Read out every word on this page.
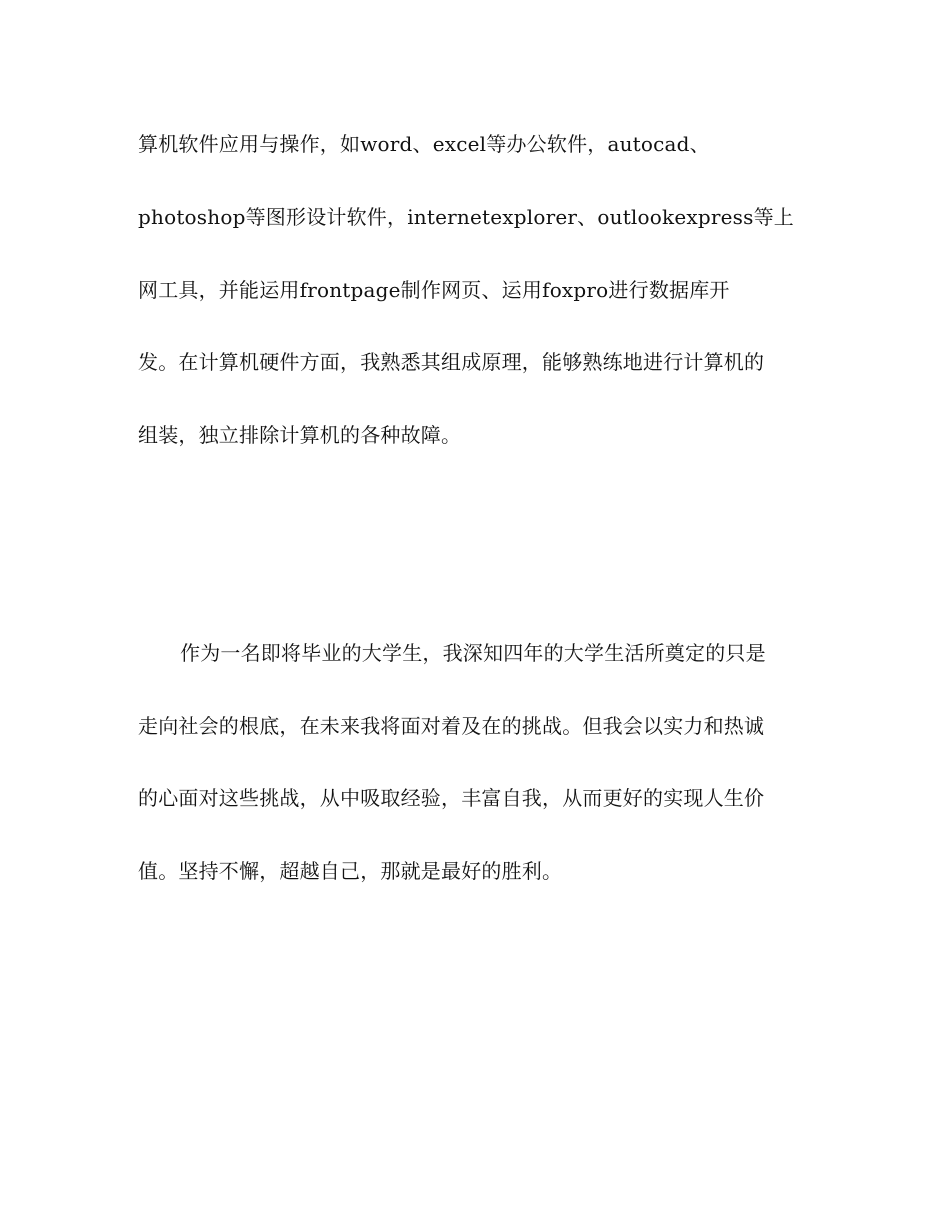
算机软件应用与操作，如word、excel等办公软件，autocad、
photoshop等图形设计软件，internetexplorer、outlookexpress等上
网工具，并能运用frontpage制作网页、运用foxpro进行数据库开
发。在计算机硬件方面，我熟悉其组成原理，能够熟练地进行计算机的
组装，独立排除计算机的各种故障。
作为一名即将毕业的大学生，我深知四年的大学生活所奠定的只是
走向社会的根底，在未来我将面对着及在的挑战。但我会以实力和热诚
的心面对这些挑战，从中吸取经验，丰富自我，从而更好的实现人生价
值。坚持不懈，超越自己，那就是最好的胜利。
